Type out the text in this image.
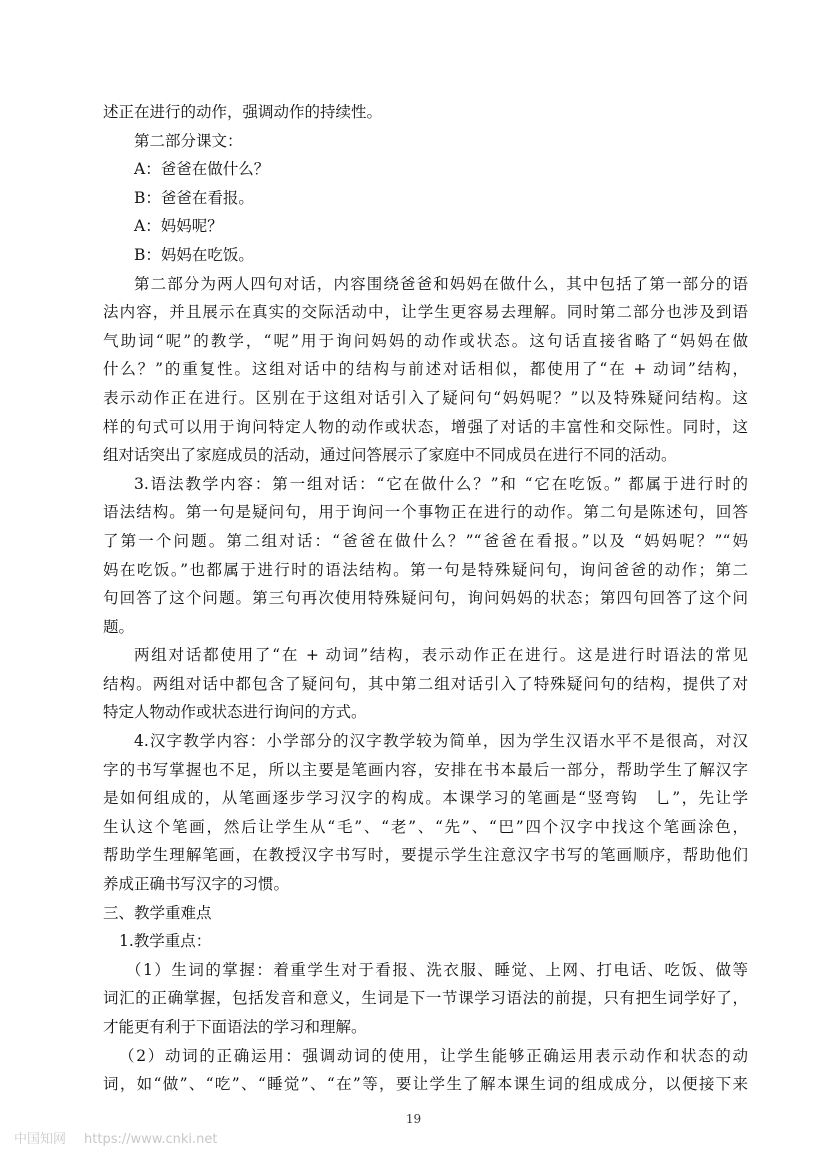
述正在进行的动作，强调动作的持续性。
第二部分课文：
A：爸爸在做什么？
B：爸爸在看报。
A：妈妈呢？
B：妈妈在吃饭。
第二部分为两人四句对话，内容围绕爸爸和妈妈在做什么，其中包括了第一部分的语
法内容，并且展示在真实的交际活动中，让学生更容易去理解。同时第二部分也涉及到语
气助词“呢”的教学，“呢”用于询问妈妈的动作或状态。这句话直接省略了“妈妈在做
什么？”的重复性。这组对话中的结构与前述对话相似，都使用了“在 + 动词”结构，
表示动作正在进行。区别在于这组对话引入了疑问句“妈妈呢？”以及特殊疑问结构。这
样的句式可以用于询问特定人物的动作或状态，增强了对话的丰富性和交际性。同时，这
组对话突出了家庭成员的活动，通过问答展示了家庭中不同成员在进行不同的活动。
3.语法教学内容：第一组对话：“它在做什么？”和 “它在吃饭。” 都属于进行时的
语法结构。第一句是疑问句，用于询问一个事物正在进行的动作。第二句是陈述句，回答
了第一个问题。第二组对话：“爸爸在做什么？”“爸爸在看报。”以及 “妈妈呢？”“妈
妈在吃饭。”也都属于进行时的语法结构。第一句是特殊疑问句，询问爸爸的动作；第二
句回答了这个问题。第三句再次使用特殊疑问句，询问妈妈的状态；第四句回答了这个问
题。
两组对话都使用了“在 + 动词”结构，表示动作正在进行。这是进行时语法的常见
结构。两组对话中都包含了疑问句，其中第二组对话引入了特殊疑问句的结构，提供了对
特定人物动作或状态进行询问的方式。
4.汉字教学内容：小学部分的汉字教学较为简单，因为学生汉语水平不是很高，对汉
字的书写掌握也不足，所以主要是笔画内容，安排在书本最后一部分，帮助学生了解汉字
是如何组成的，从笔画逐步学习汉字的构成。本课学习的笔画是“竖弯钩　乚”，先让学
生认这个笔画，然后让学生从“毛”、“老”、“先”、“巴”四个汉字中找这个笔画涂色，
帮助学生理解笔画，在教授汉字书写时，要提示学生注意汉字书写的笔画顺序，帮助他们
养成正确书写汉字的习惯。
三、教学重难点
1.教学重点：
（1）生词的掌握：着重学生对于看报、洗衣服、睡觉、上网、打电话、吃饭、做等
词汇的正确掌握，包括发音和意义，生词是下一节课学习语法的前提，只有把生词学好了，
才能更有利于下面语法的学习和理解。
（2）动词的正确运用：强调动词的使用，让学生能够正确运用表示动作和状态的动
词，如“做”、“吃”、“睡觉”、“在”等，要让学生了解本课生词的组成成分，以便接下来
19
中国知网 https://www.cnki.net
